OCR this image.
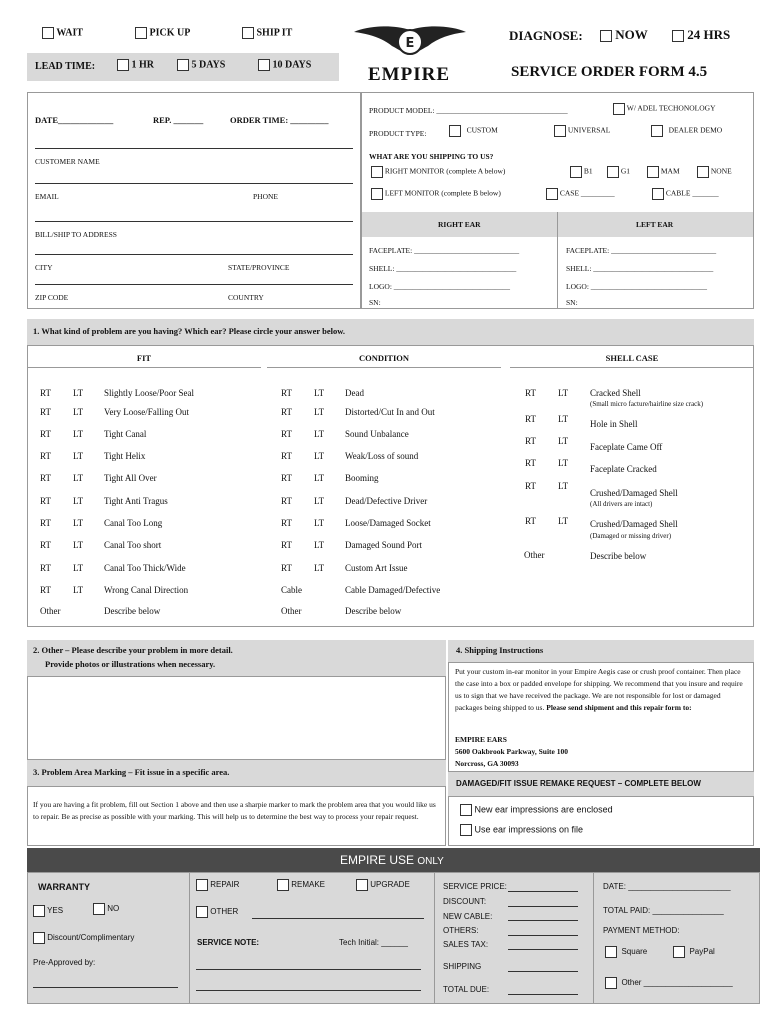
WAIT	PICK UP	SHIP IT
LEAD TIME:	1 HR	5 DAYS	10 DAYS
E
EMPIRE
DIAGNOSE:	NOW	24 HRS
SERVICE ORDER FORM 4.5
DATE_____________	REP. _______	ORDER TIME: _________
CUSTOMER NAME
EMAIL	PHONE
BILL/SHIP TO ADDRESS
CITY	STATE/PROVINCE
ZIP CODE	COUNTRY
PRODUCT MODEL: ___________________________________	W/ ADEL TECHONOLOGY
PRODUCT TYPE:	CUSTOM	UNIVERSAL	DEALER DEMO
WHAT ARE YOU SHIPPING TO US?
RIGHT MONITOR (complete A below)	B1	G1	MAM	NONE
LEFT MONITOR (complete B below)	CASE _________	CABLE _______
RIGHT EAR	LEFT EAR
FACEPLATE: ____________________________
SHELL: ________________________________
LOGO: _______________________________
SN:
FACEPLATE: ____________________________
SHELL: ________________________________
LOGO: _______________________________
SN:
1. What kind of problem are you having? Which ear? Please circle your answer below.
FIT	CONDITION	SHELL CASE
RT LT Slightly Loose/Poor Seal
RT LT Very Loose/Falling Out
RT LT Tight Canal
RT LT Tight Helix
RT LT Tight All Over
RT LT Tight Anti Tragus
RT LT Canal Too Long
RT LT Canal Too short
RT LT Canal Too Thick/Wide
RT LT Wrong Canal Direction
Other	Describe below
RT LT Dead
RT LT Distorted/Cut In and Out
RT LT Sound Unbalance
RT LT Weak/Loss of sound
RT LT Booming
RT LT Dead/Defective Driver
RT LT Loose/Damaged Socket
RT LT Damaged Sound Port
RT LT Custom Art Issue
Cable	Cable Damaged/Defective
Other	Describe below
RT LT Cracked Shell
(Small micro facture/hairline size crack)
RT LT Hole in Shell
RT LT
Faceplate Came Off
RT LT
Faceplate Cracked
RT LT
Crushed/Damaged Shell
(All drivers are intact)
RT LT Crushed/Damaged Shell
(Damaged or missing driver)
Other	Describe below
2. Other – Please describe your problem in more detail.
Provide photos or illustrations when necessary.
3. Problem Area Marking – Fit issue in a specific area.
If you are having a fit problem, fill out Section 1 above and then use a sharpie marker to mark the problem area that you would like us to repair. Be as precise as possible with your marking. This will help us to determine the best way to process your repair request.
4. Shipping Instructions
Put your custom in-ear monitor in your Empire Aegis case or crush proof container. Then place the case into a box or padded envelope for shipping. We recommend that you insure and require us to sign that we have received the package. We are not responsible for lost or damaged packages being shipped to us. Please send shipment and this repair form to:
EMPIRE EARS
5600 Oakbrook Parkway, Suite 100
Norcross, GA 30093
DAMAGED/FIT ISSUE REMAKE REQUEST – COMPLETE BELOW
New ear impressions are enclosed
Use ear impressions on file
EMPIRE USE ONLY
WARRANTY
YES	NO
Discount/Complimentary
Pre-Approved by:
REPAIR	REMAKE	UPGRADE
OTHER
SERVICE NOTE:	Tech Initial: ______
SERVICE PRICE:
DISCOUNT:
NEW CABLE:
OTHERS:
SALES TAX:
SHIPPING
TOTAL DUE:
DATE: _______________________
TOTAL PAID: ________________
PAYMENT METHOD:
Square	PayPal
Other ____________________
